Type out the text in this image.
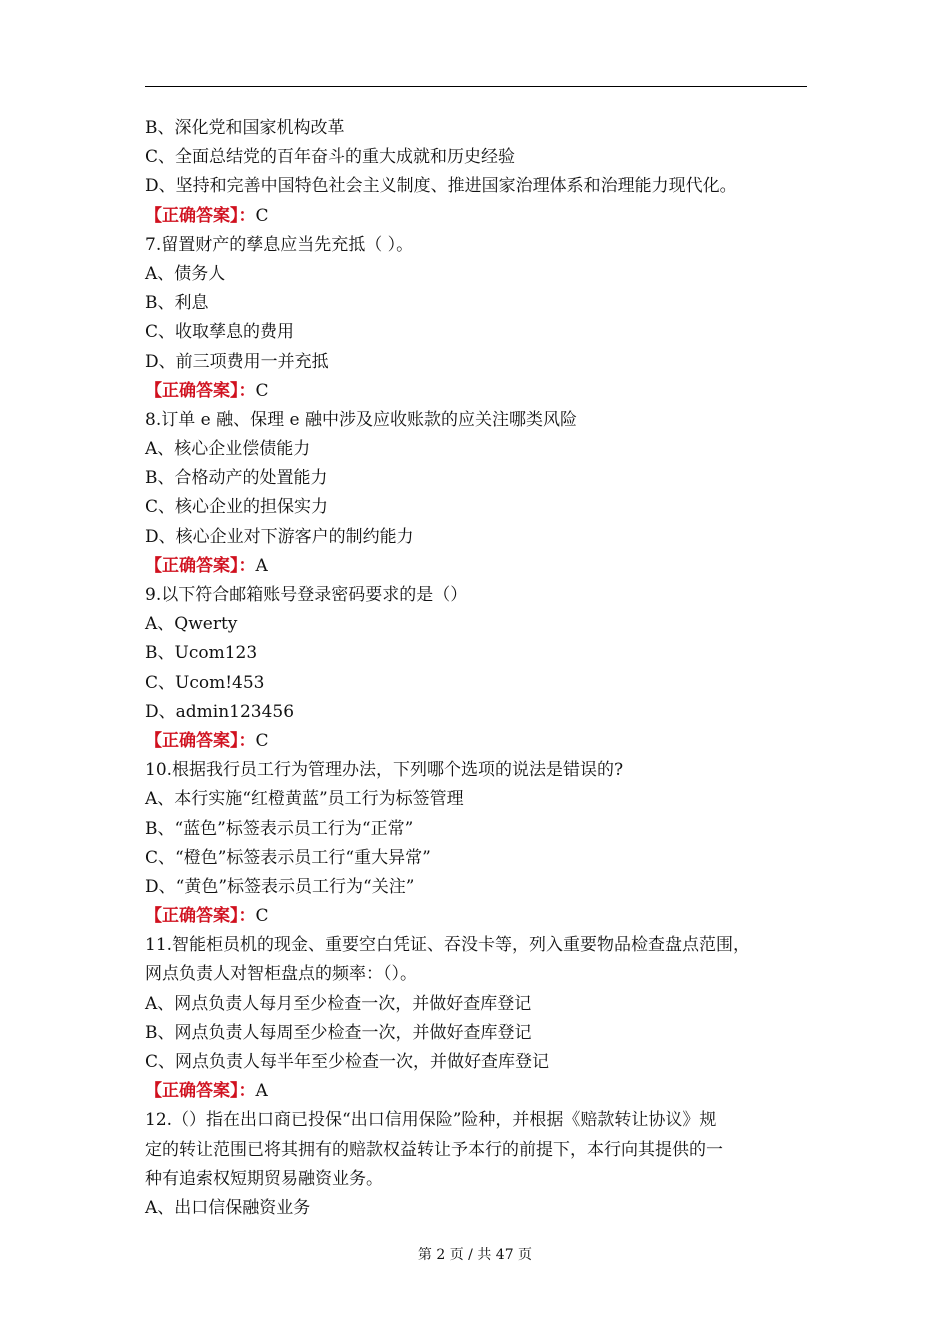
B、深化党和国家机构改革
C、全面总结党的百年奋斗的重大成就和历史经验
D、坚持和完善中国特色社会主义制度、推进国家治理体系和治理能力现代化。
【正确答案】：C
7.留置财产的孳息应当先充抵（ ）。
A、债务人
B、利息
C、收取孳息的费用
D、前三项费用一并充抵
【正确答案】：C
8.订单 e 融、保理 e 融中涉及应收账款的应关注哪类风险
A、核心企业偿债能力
B、合格动产的处置能力
C、核心企业的担保实力
D、核心企业对下游客户的制约能力
【正确答案】：A
9.以下符合邮箱账号登录密码要求的是（）
A、Qwerty
B、Ucom123
C、Ucom!453
D、admin123456
【正确答案】：C
10.根据我行员工行为管理办法，下列哪个选项的说法是错误的?
A、本行实施“红橙黄蓝”员工行为标签管理
B、“蓝色”标签表示员工行为“正常”
C、“橙色”标签表示员工行“重大异常”
D、“黄色”标签表示员工行为“关注”
【正确答案】：C
11.智能柜员机的现金、重要空白凭证、吞没卡等，列入重要物品检查盘点范围，
网点负责人对智柜盘点的频率：（）。
A、网点负责人每月至少检查一次，并做好查库登记
B、网点负责人每周至少检查一次，并做好查库登记
C、网点负责人每半年至少检查一次，并做好查库登记
【正确答案】：A
12.（）指在出口商已投保“出口信用保险”险种，并根据《赔款转让协议》规
定的转让范围已将其拥有的赔款权益转让予本行的前提下，本行向其提供的一
种有追索权短期贸易融资业务。
A、出口信保融资业务
第 2 页 / 共 47 页
